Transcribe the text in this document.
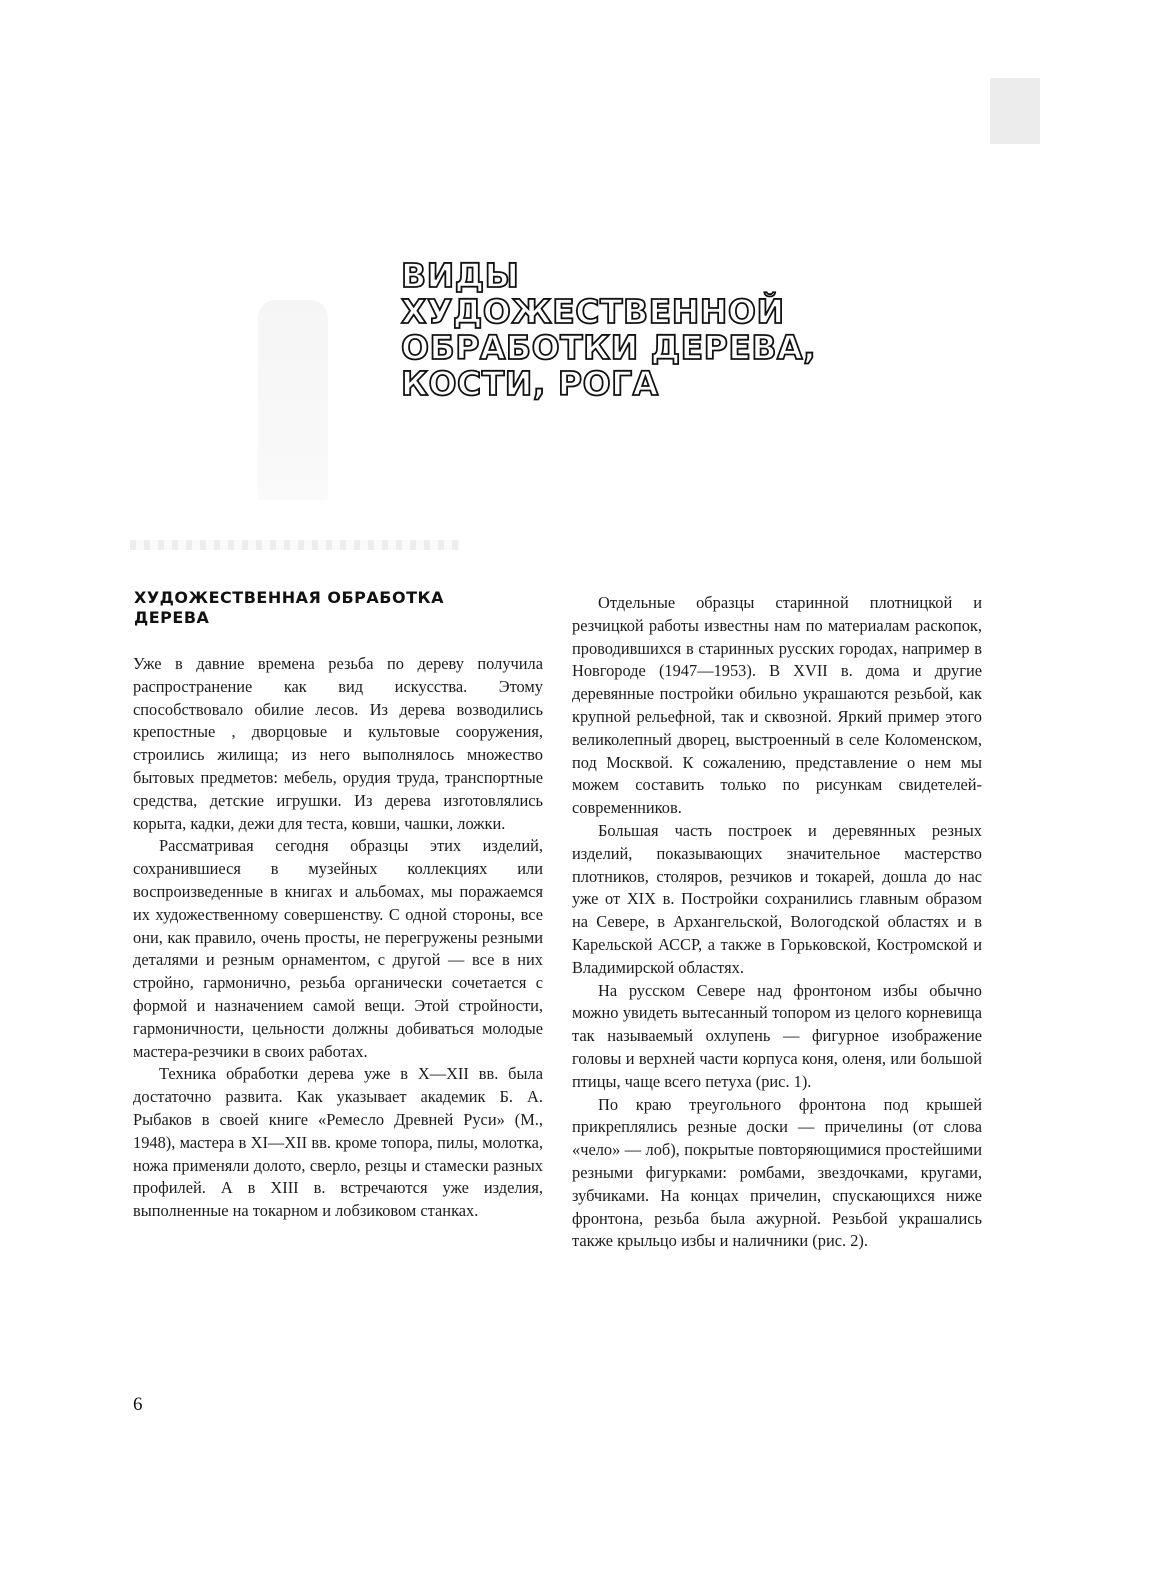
ВИДЫ
ХУДОЖЕСТВЕННОЙ
ОБРАБОТКИ ДЕРЕВА,
КОСТИ, РОГА
ХУДОЖЕСТВЕННАЯ ОБРАБОТКА
ДЕРЕВА

Уже в давние времена резьба по дереву получила распространение как вид искусства. Этому способствовало обилие лесов. Из дерева возводились крепостные , дворцовые и культовые сооружения, строились жилища; из него выполнялось множество бытовых предметов: мебель, орудия труда, транспортные средства, детские игрушки. Из дерева изготовлялись корыта, кадки, дежи для теста, ковши, чашки, ложки.

Рассматривая сегодня образцы этих изделий, сохранившиеся в музейных коллекциях или воспроизведенные в книгах и альбомах, мы поражаемся их художественному совершенству. С одной стороны, все они, как правило, очень просты, не перегружены резными деталями и резным орнаментом, с другой — все в них стройно, гармонично, резьба органически сочетается с формой и назначением самой вещи. Этой стройности, гармоничности, цельности должны добиваться молодые мастера-резчики в своих работах.

Техника обработки дерева уже в X—XII вв. была достаточно развита. Как указывает академик Б. А. Рыбаков в своей книге «Ремесло Древней Руси» (М., 1948), мастера в XI—XII вв. кроме топора, пилы, молотка, ножа применяли долото, сверло, резцы и стамески разных профилей. А в XIII в. встречаются уже изделия, выполненные на токарном и лобзиковом станках.

Отдельные образцы старинной плотницкой и резчицкой работы известны нам по материалам раскопок, проводившихся в старинных русских городах, например в Новгороде (1947—1953). В XVII в. дома и другие деревянные постройки обильно украшаются резьбой, как крупной рельефной, так и сквозной. Яркий пример этого великолепный дворец, выстроенный в селе Коломенском, под Москвой. К сожалению, представление о нем мы можем составить только по рисункам свидетелей-современников.

Большая часть построек и деревянных резных изделий, показывающих значительное мастерство плотников, столяров, резчиков и токарей, дошла до нас уже от XIX в. Постройки сохранились главным образом на Севере, в Архангельской, Вологодской областях и в Карельской АССР, а также в Горьковской, Костромской и Владимирской областях.

На русском Севере над фронтоном избы обычно можно увидеть вытесанный топором из целого корневища так называемый охлупень — фигурное изображение головы и верхней части корпуса коня, оленя, или большой птицы, чаще всего петуха (рис. 1).

По краю треугольного фронтона под крышей прикреплялись резные доски — причелины (от слова «чело» — лоб), покрытые повторяющимися простейшими резными фигурками: ромбами, звездочками, кругами, зубчиками. На концах причелин, спускающихся ниже фронтона, резьба была ажурной. Резьбой украшались также крыльцо избы и наличники (рис. 2).

6
